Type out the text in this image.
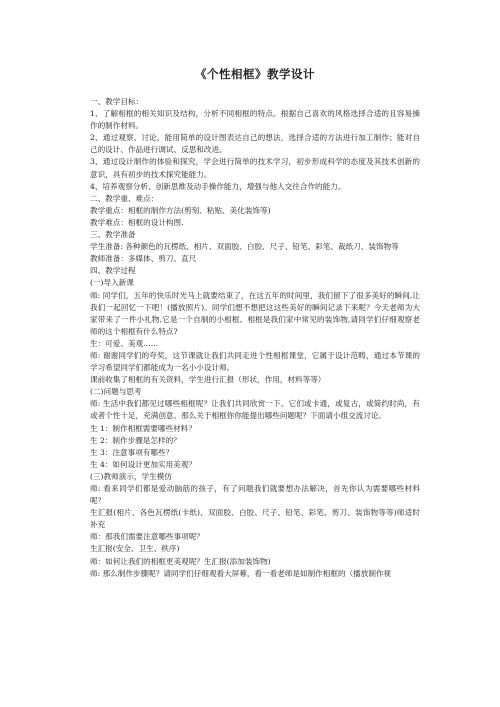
《个性相框》教学设计

一、教学目标：

1、了解相框的相关知识及结构，分析不同相框的特点。根据自己喜欢的风格选择合适的且容易操作的制作材料。

2、通过观察、讨论，能用简单的设计图表达自己的想法，选择合适的方法进行加工制作；能对自己的设计、作品进行调试、反思和改进。

3、通过设计制作的体验和探究，学会进行简单的技术学习，初步形成科学的态度及其技术创新的意识，具有初步的技术探究能能力。

4、培养观察分析、创新思维及动手操作能力，增强与他人交往合作的能力。

二、教学重、难点：

教学重点：相框的制作方法(剪刻、粘贴、美化装饰等)

教学难点：相框的设计构图.

三、教学准备

学生准备: 各种颜色的瓦楞纸、相片、双面胶、白胶、尺子、铅笔、彩笔、裁纸刀、装饰物等

教师准备：多媒体、剪刀、直尺

四、教学过程

(一)导入新课

师: 同学们，五年的快乐时光马上就要结束了，在这五年的时间里，我们留下了很多美好的瞬间,让我们一起回忆一下吧！(播放照片)。同学们想不想把这这些美好的瞬间记录下来呢？今天老师为大家带来了一件小礼物,它是一个自制的小相框。相框是我们家中常见的装饰物,请同学们仔细观察老师的这个相框有什么特点?

生：可爱、美观.…..

师: 谢谢同学们的夸奖，这节课就让我们共同走进个性相框课堂，它属于设计范畴，通过本节课的学习希望同学们都能成为一名小小设计师。

课前收集了相框的有关资料，学生进行汇报（形状，作用，材料等等）

(二)问题与思考

师: 生活中我们都见过哪些相框呢？让我们共同欣赏一下。它们或卡通，或复古，或简约时尚，有或者个性十足，充满创意。那么关于相框你你能提出哪些问题呢？下面请小组交流讨论。

生 1：制作相框需要哪些材料？

生 2：制作步骤是怎样的？

生 3：注意事项有哪些？

生 4：如何设计更加实用美观？

(三)教师演示，学生模仿

师: 看来同学们都是爱动脑筋的孩子，有了问题我们就要想办法解决，首先你认为需要哪些材料呢？

生汇报(相片、各色瓦楞纸(卡纸)、双面胶、白胶、尺子、铅笔、彩笔、剪刀、装饰物等等)师适时补充

师：那我们需要注意哪些事项呢？

生汇报(安全、卫生、秩序)

师：如何让我们的相框更美观呢？生汇报(添加装饰物)

师: 那么制作步骤呢？请同学们仔细观看大屏幕，看一看老师是如制作相框的（播放制作视
